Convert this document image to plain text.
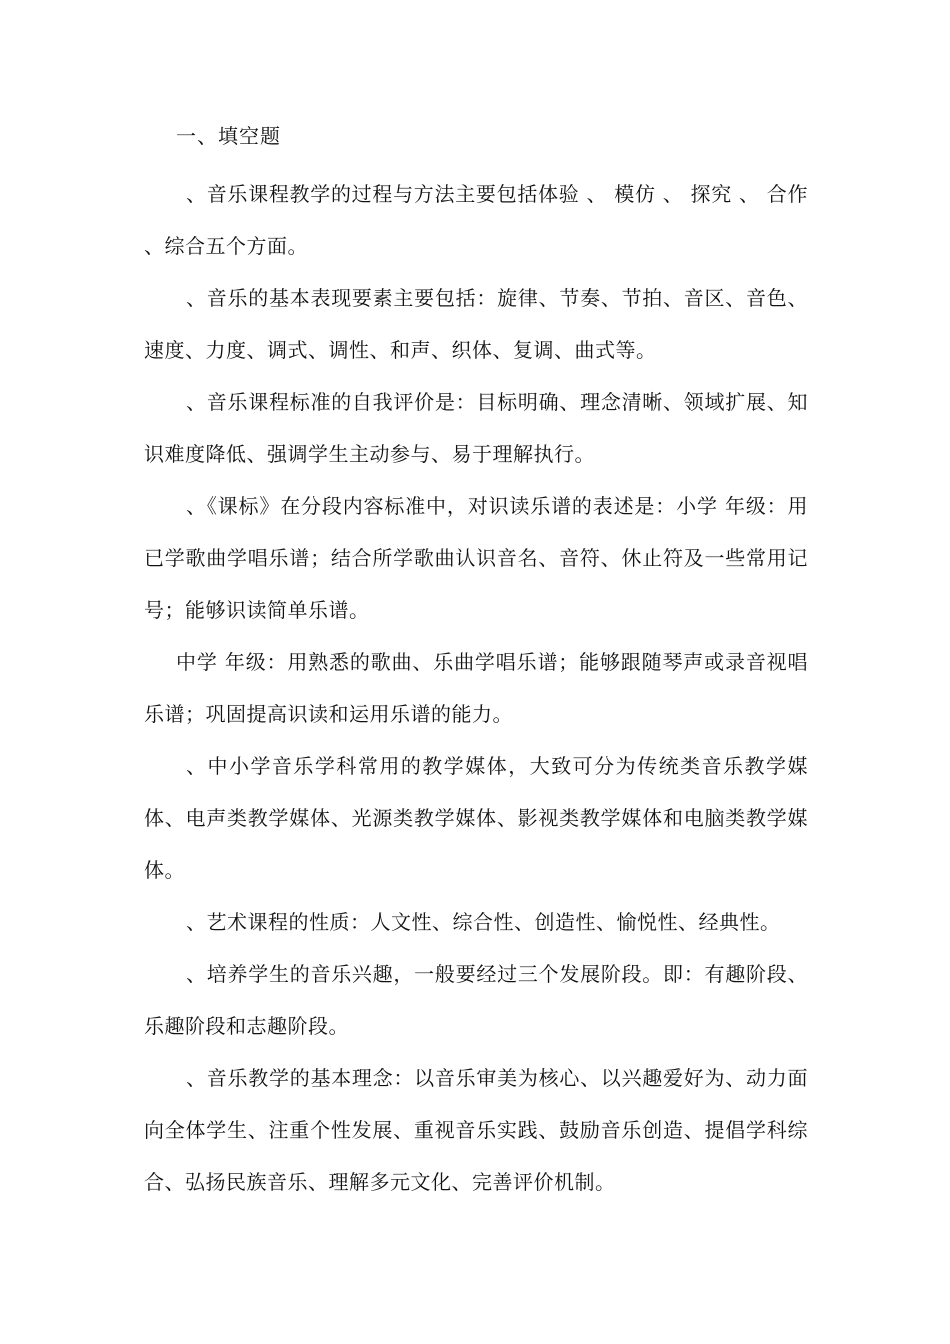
一、填空题

、音乐课程教学的过程与方法主要包括体验 、 模仿 、 探究 、 合作 、综合五个方面。

、音乐的基本表现要素主要包括：旋律、节奏、节拍、音区、音色、速度、力度、调式、调性、和声、织体、复调、曲式等。

、音乐课程标准的自我评价是：目标明确、理念清晰、领域扩展、知识难度降低、强调学生主动参与、易于理解执行。

、《课标》在分段内容标准中，对识读乐谱的表述是：小学 年级：用已学歌曲学唱乐谱；结合所学歌曲认识音名、音符、休止符及一些常用记号；能够识读简单乐谱。

中学 年级：用熟悉的歌曲、乐曲学唱乐谱；能够跟随琴声或录音视唱乐谱；巩固提高识读和运用乐谱的能力。

、中小学音乐学科常用的教学媒体，大致可分为传统类音乐教学媒体、电声类教学媒体、光源类教学媒体、影视类教学媒体和电脑类教学媒体。

、艺术课程的性质：人文性、综合性、创造性、愉悦性、经典性。

、培养学生的音乐兴趣，一般要经过三个发展阶段。即：有趣阶段、乐趣阶段和志趣阶段。

、音乐教学的基本理念：以音乐审美为核心、以兴趣爱好为、动力面向全体学生、注重个性发展、重视音乐实践、鼓励音乐创造、提倡学科综合、弘扬民族音乐、理解多元文化、完善评价机制。
